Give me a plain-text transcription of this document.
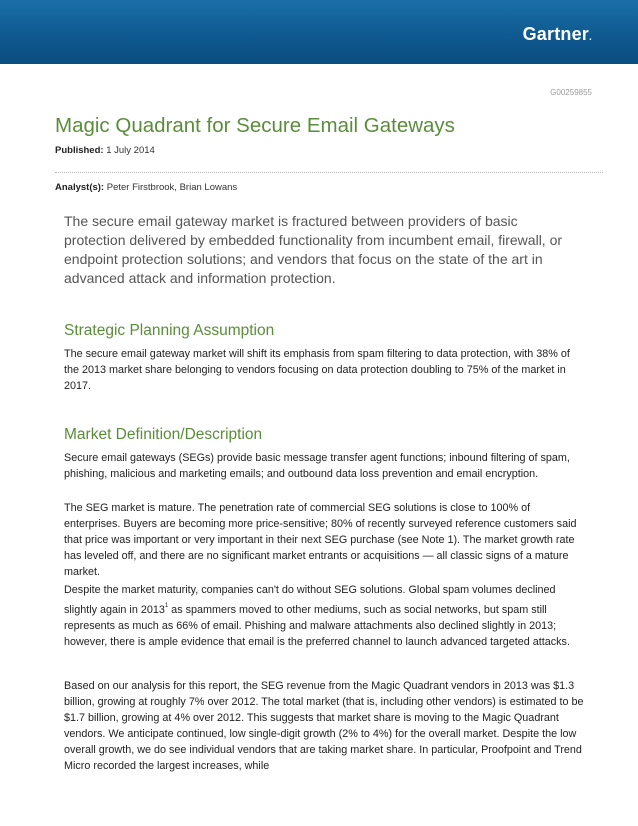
Gartner.
G00259855
Magic Quadrant for Secure Email Gateways
Published: 1 July 2014
Analyst(s): Peter Firstbrook, Brian Lowans

The secure email gateway market is fractured between providers of basic protection delivered by embedded functionality from incumbent email, firewall, or endpoint protection solutions; and vendors that focus on the state of the art in advanced attack and information protection.

Strategic Planning Assumption

The secure email gateway market will shift its emphasis from spam filtering to data protection, with 38% of the 2013 market share belonging to vendors focusing on data protection doubling to 75% of the market in 2017.

Market Definition/Description

Secure email gateways (SEGs) provide basic message transfer agent functions; inbound filtering of spam, phishing, malicious and marketing emails; and outbound data loss prevention and email encryption.

The SEG market is mature. The penetration rate of commercial SEG solutions is close to 100% of enterprises. Buyers are becoming more price-sensitive; 80% of recently surveyed reference customers said that price was important or very important in their next SEG purchase (see Note 1). The market growth rate has leveled off, and there are no significant market entrants or acquisitions — all classic signs of a mature market.

Despite the market maturity, companies can't do without SEG solutions. Global spam volumes declined slightly again in 2013$^1$ as spammers moved to other mediums, such as social networks, but spam still represents as much as 66% of email. Phishing and malware attachments also declined slightly in 2013; however, there is ample evidence that email is the preferred channel to launch advanced targeted attacks.

Based on our analysis for this report, the SEG revenue from the Magic Quadrant vendors in 2013 was $1.3 billion, growing at roughly 7% over 2012. The total market (that is, including other vendors) is estimated to be $1.7 billion, growing at 4% over 2012. This suggests that market share is moving to the Magic Quadrant vendors. We anticipate continued, low single-digit growth (2% to 4%) for the overall market. Despite the low overall growth, we do see individual vendors that are taking market share. In particular, Proofpoint and Trend Micro recorded the largest increases, while
